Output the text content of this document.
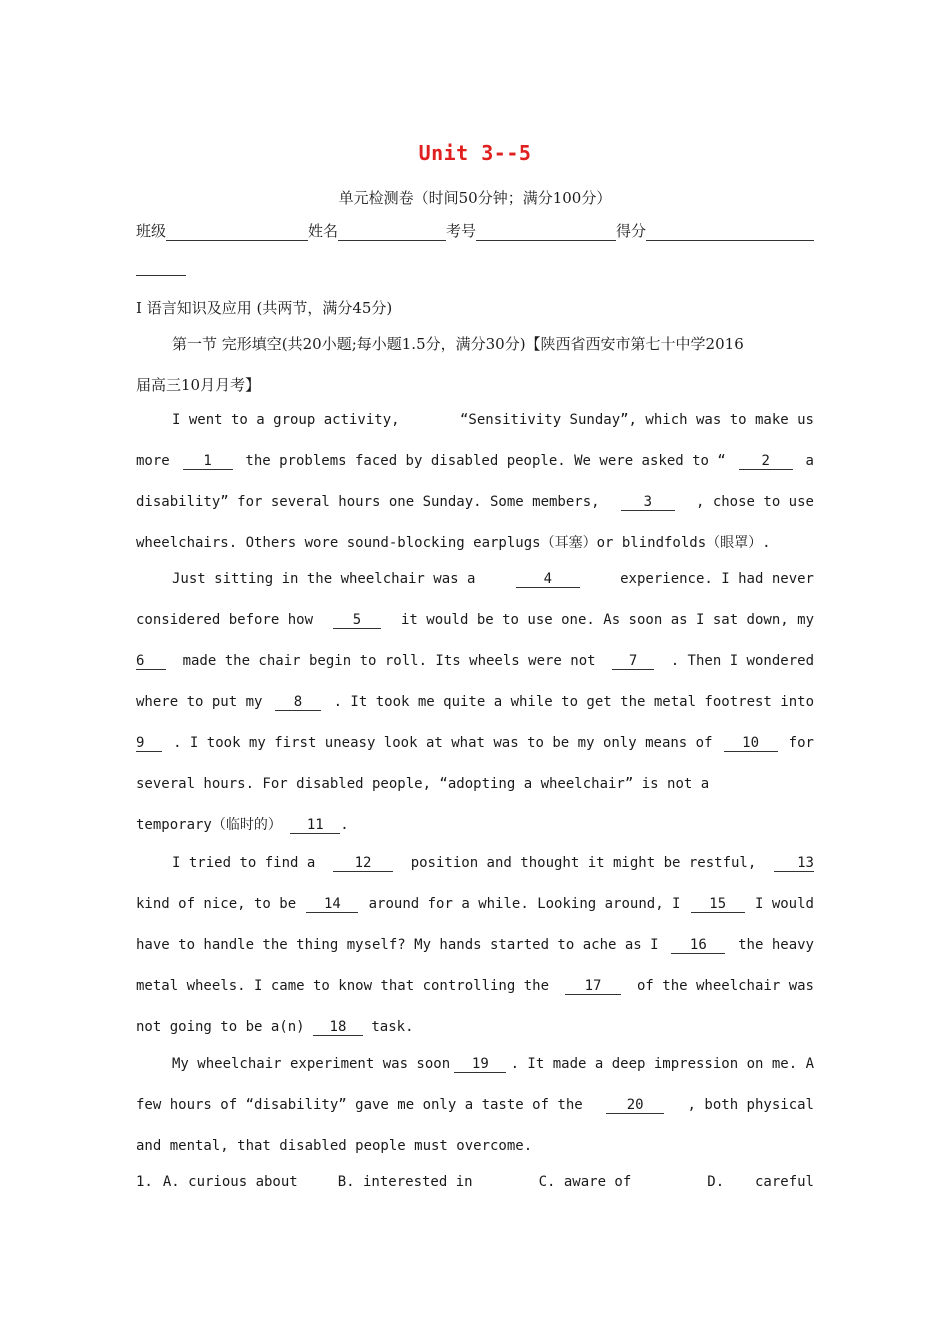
Unit 3--5
单元检测卷（时间50分钟；满分100分）
班级	姓名	考号	得分
I 语言知识及应用 (共两节，满分45分)
第一节 完形填空(共20小题;每小题1.5分，满分30分)【陕西省西安市第七十中学2016
届高三10月月考】
I went to a group activity,	“Sensitivity Sunday”, which was to make us
more	1	the problems faced by disabled people. We were asked to “	2	a
disability” for several hours one Sunday. Some members,	3	, chose to use
wheelchairs. Others wore sound-blocking earplugs（耳塞）or blindfolds（眼罩）.
Just sitting in the wheelchair was a	4	experience. I had never
considered before how	5	it would be to use one. As soon as I sat down, my
6	made the chair begin to roll. Its wheels were not	7	. Then I wondered
where to put my	8	. It took me quite a while to get the metal footrest into
9	. I took my first uneasy look at what was to be my only means of	10	for
several hours. For disabled people, “adopting a wheelchair” is not a
temporary（临时的）	11	.
I tried to find a	12	position and thought it might be restful,	13
kind of nice, to be	14	around for a while. Looking around, I	15	I would
have to handle the thing myself? My hands started to ache as I	16	the heavy
metal wheels. I came to know that controlling the	17	of the wheelchair was
not going to be a(n)	18	task.
My wheelchair experiment was soon	19	. It made a deep impression on me. A
few hours of “disability” gave me only a taste of the	20	, both physical
and mental, that disabled people must overcome.
1. A. curious about	B. interested in	C. aware of	D. careful
